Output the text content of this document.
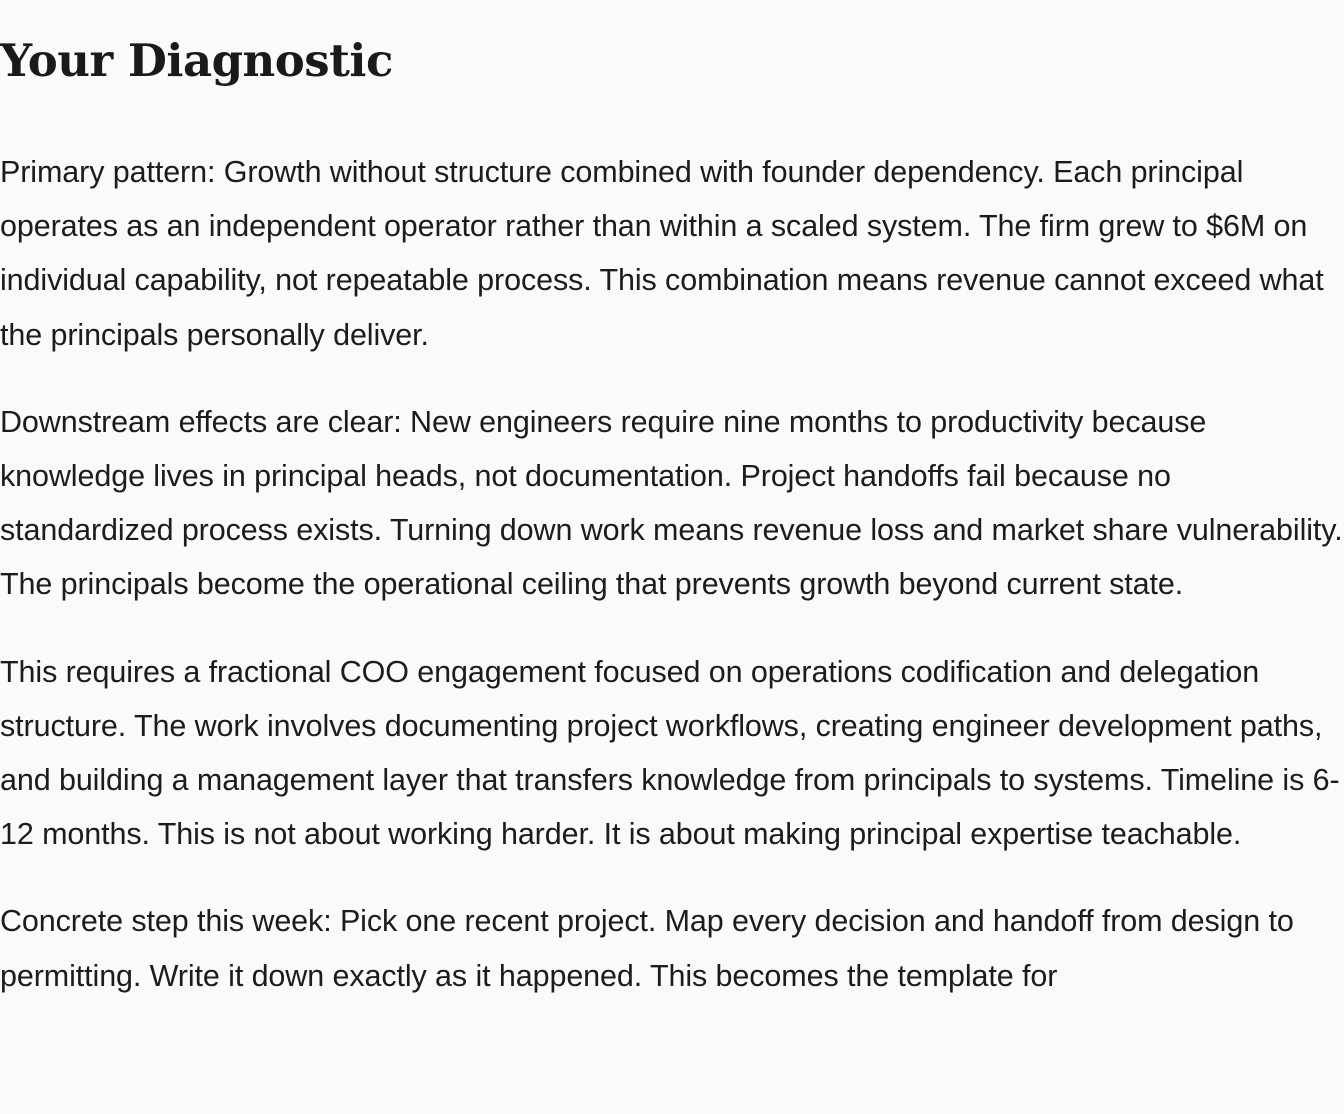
Your Diagnostic

Primary pattern: Growth without structure combined with founder dependency. Each principal operates as an independent operator rather than within a scaled system. The firm grew to $6M on individual capability, not repeatable process. This combination means revenue cannot exceed what the principals personally deliver.

Downstream effects are clear: New engineers require nine months to productivity because knowledge lives in principal heads, not documentation. Project handoffs fail because no standardized process exists. Turning down work means revenue loss and market share vulnerability. The principals become the operational ceiling that prevents growth beyond current state.

This requires a fractional COO engagement focused on operations codification and delegation structure. The work involves documenting project workflows, creating engineer development paths, and building a management layer that transfers knowledge from principals to systems. Timeline is 6-12 months. This is not about working harder. It is about making principal expertise teachable.

Concrete step this week: Pick one recent project. Map every decision and handoff from design to permitting. Write it down exactly as it happened. This becomes the template for
